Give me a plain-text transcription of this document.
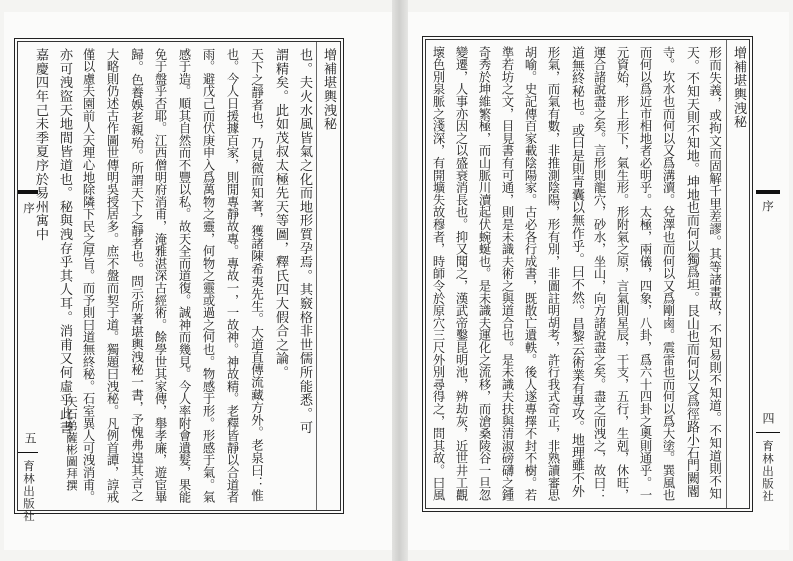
增補堪輿洩秘
也。夫火水風皆氣之化而地形質孕焉。其竅格非世儒所能悉。可
謂精矣。此如茂叔太極先天等圖，釋氏四大假合之論。
天下之靜者也，乃見微而知著，獲諸陳希夷先生。大道直傳流藏方外。老泉曰：惟
也。今人日援據百家，則閒專靜故專。專故一，一故神。神故精。老釋皆靜以合道者
雨。避戊己而伏庚申入爲萬物之靈，何物之靈或過之何也。物感于形。形感于氣。氣
感于造。順其自然而不豐以私。故天全而道復。誠神而幾見。今人率附會遺髮，果能
免于盤乎否耶。江西僧明府消甫，淹雅湛深古經術。餘學世其家傳，舉孝廉，遊宦畢
歸。色養娛老親殆。所謂天下之靜者也。問示所著堪輿洩秘一書，予愧弗遑其言之
大略則仍述古作圖世傳明吳授居多。庶不盤而契于道。獨題曰洩秘。凡例首譚，諄戒
僅以慮夫園前人天理心地除隣下民之厚旨。而予則曰道無終秘。石室異人可洩消甫。
亦可洩盜天地間皆道也。秘與洩存乎其人耳。消甫又何虛乎此書。
嘉慶四年己未季夏序於易州寓中
天石弟薩彬圖拜撰
序
五
育林出版社
增補堪輿洩秘
序
四
育林出版社
形而失義，或拘文而固解千里差謬。其等諸畫故，不知易則不知道。不知道則不知
天。不知天則不知地。坤地也而何以獨爲坦。艮山也而何以又爲徑路小石門闕閽
寺。坎水也而何以又爲溝瀆。兌澤也而何以又爲剛鹵。震雷也而何以爲大塗。巽風也
而何以爲近市相地者必明乎。太極，兩儀，四象，八卦，爲六十四卦之奧則通乎。一
元資始，形上形下，氣生形。形附氣之原，言氣則星辰，干支，五行，生剋，休旺，
運合諸說盡之矣。言形則龍穴，砂水，坐山，向方諸說盡之矣。盡之而洩之，故曰：
道無終秘也。或曰是則青囊以無作乎。曰不然。昌黎云術業有專攻。地理雖不外
形氣，而氣有數，非推測陰陽，形有別，非圖註明胡考，許行我式奇正，非熟讀審思
胡喻。史記傳百家載陰陽家。古必各行成書，既散亡遺軼。後人遂專擇不封不樹。若
準若坊之文，目見書有可通，則是未識夫術之與道合也。是未識夫扶與清淑磅礴之鍾
奇秀於坤維繁極，而山脈川瀆起伏蜿蜒也。是未識夫運化之流移，而滄桑陵谷一旦忽
變遷，人事亦因之以盛衰消長也。抑又聞之，漢武帝鑿昆明池，辨劫灰，近世井工觀
壞色別泉脈之淺深，有開壙失故穆者，時師令於原穴三尺外別尋得之，問其故。曰風
